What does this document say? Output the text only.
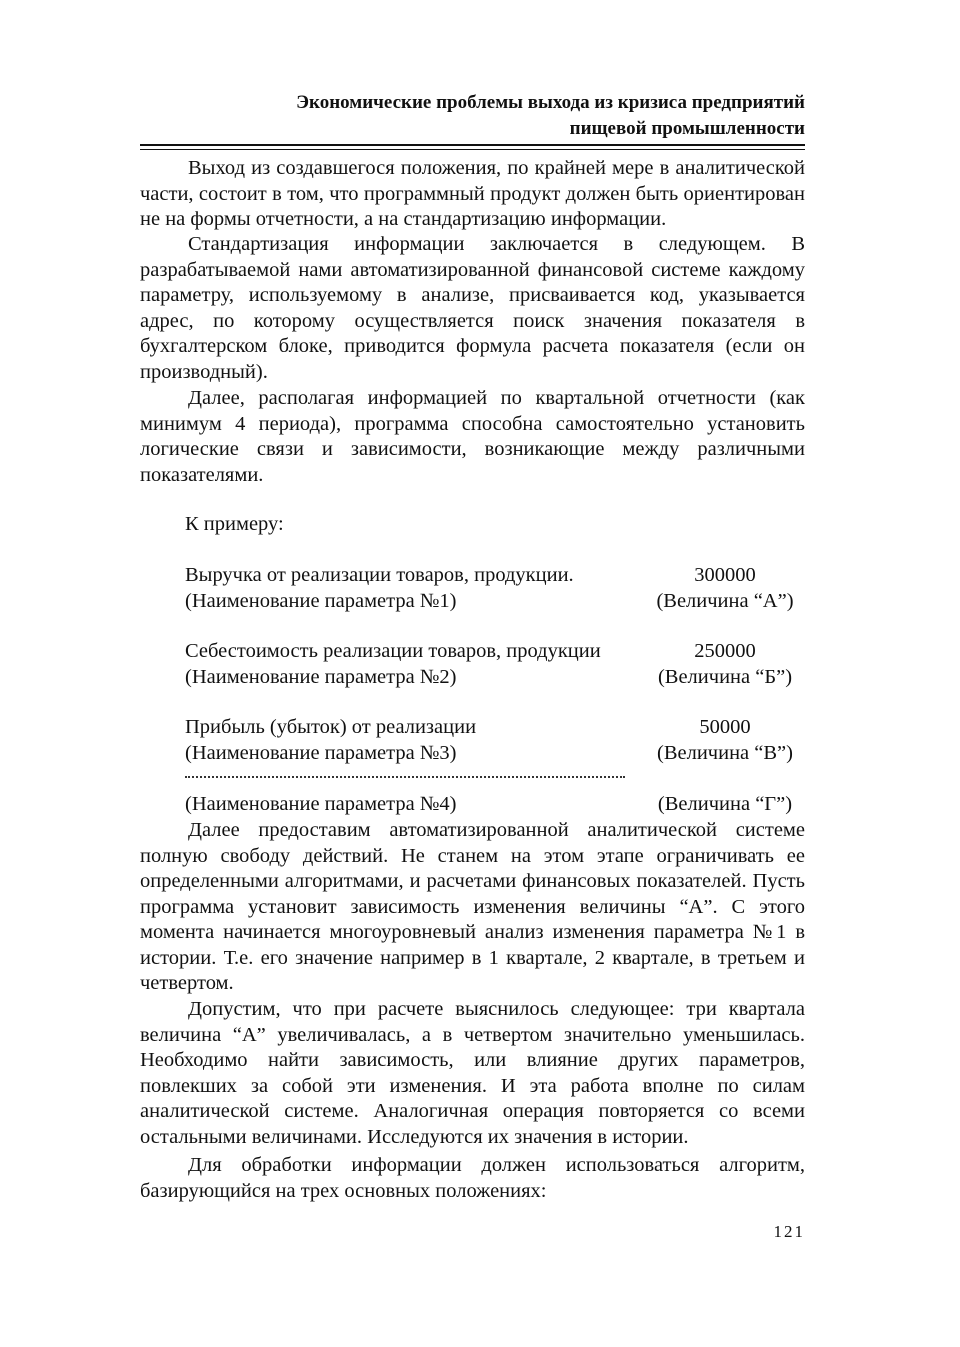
Экономические проблемы выхода из кризиса предприятий
пищевой промышленности
Выход из создавшегося положения, по крайней мере в аналитической части, состоит в том, что программный продукт должен быть ориентирован не на формы отчетности, а на стандартизацию информации.
Стандартизация информации заключается в следующем. В разрабатываемой нами автоматизированной финансовой системе каждому параметру, используемому в анализе, присваивается код, указывается адрес, по которому осуществляется поиск значения показателя в бухгалтерском блоке, приводится формула расчета показателя (если он производный).
Далее, располагая информацией по квартальной отчетности (как минимум 4 периода), программа способна самостоятельно установить логические связи и зависимости, возникающие между различными показателями.
К примеру:
Выручка от реализации товаров, продукции.	300000
(Наименование параметра №1)	(Величина “А”)
Себестоимость реализации товаров, продукции	250000
(Наименование параметра №2)	(Величина “Б”)
Прибыль (убыток) от реализации	50000
(Наименование параметра №3)	(Величина “В”)
(Наименование параметра №4)	(Величина “Г”)
Далее предоставим автоматизированной аналитической системе полную свободу действий. Не станем на этом этапе ограничивать ее определенными алгоритмами, и расчетами финансовых показателей. Пусть программа установит зависимость изменения величины “А”. С этого момента начинается многоуровневый анализ изменения параметра №1 в истории. Т.е. его значение например в 1 квартале, 2 квартале, в третьем и четвертом.
Допустим, что при расчете выяснилось следующее: три квартала величина “А” увеличивалась, а в четвертом значительно уменьшилась. Необходимо найти зависимость, или влияние других параметров, повлекших за собой эти изменения. И эта работа вполне по силам аналитической системе. Аналогичная операция повторяется со всеми остальными величинами. Исследуются их значения в истории.
Для обработки информации должен использоваться алгоритм, базирующийся на трех основных положениях:
121
